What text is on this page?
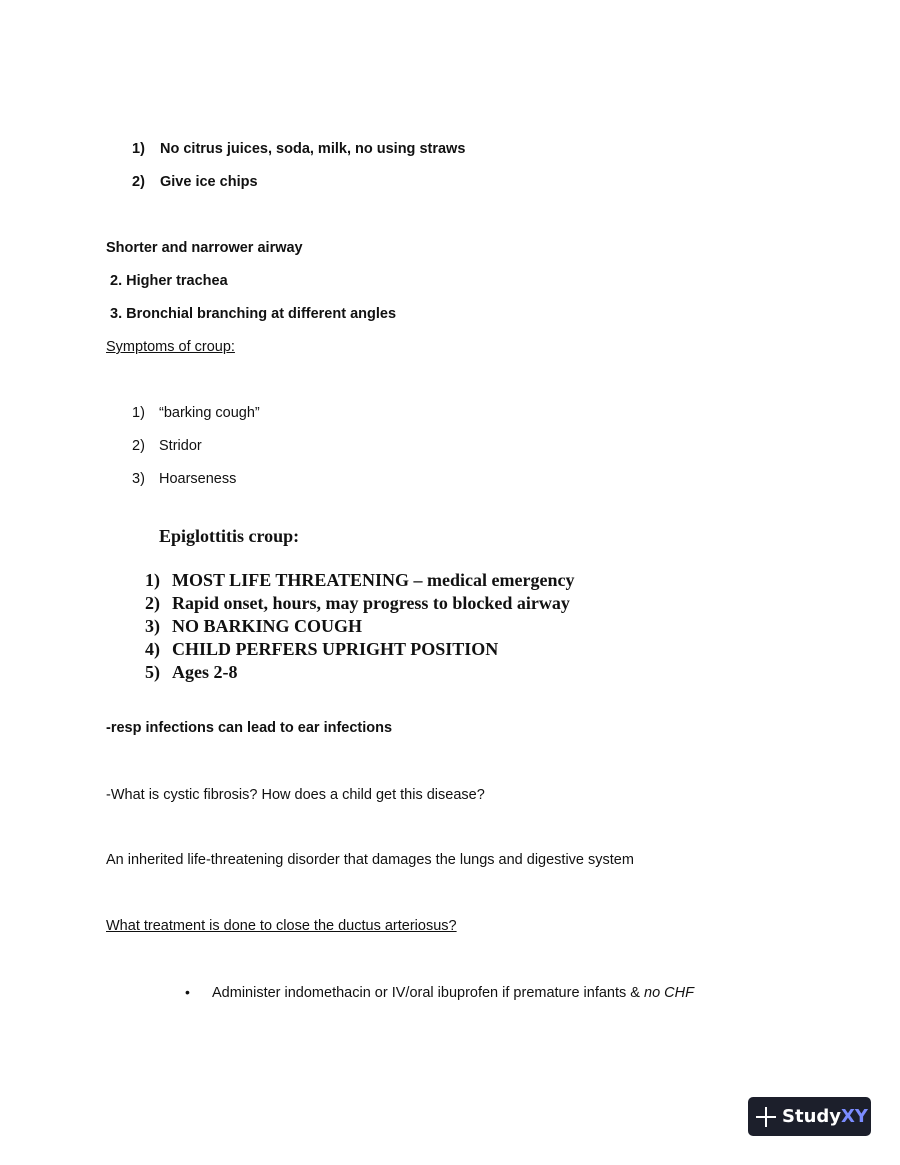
1) No citrus juices, soda, milk, no using straws
2) Give ice chips
Shorter and narrower airway
2. Higher trachea
3. Bronchial branching at different angles
Symptoms of croup:
1) “barking cough”
2) Stridor
3) Hoarseness
Epiglottitis croup:
1) MOST LIFE THREATENING – medical emergency
2) Rapid onset, hours, may progress to blocked airway
3) NO BARKING COUGH
4) CHILD PERFERS UPRIGHT POSITION
5) Ages 2-8
-resp infections can lead to ear infections
-What is cystic fibrosis? How does a child get this disease?
An inherited life-threatening disorder that damages the lungs and digestive system
What treatment is done to close the ductus arteriosus?
• Administer indomethacin or IV/oral ibuprofen if premature infants & no CHF
StudyXY
